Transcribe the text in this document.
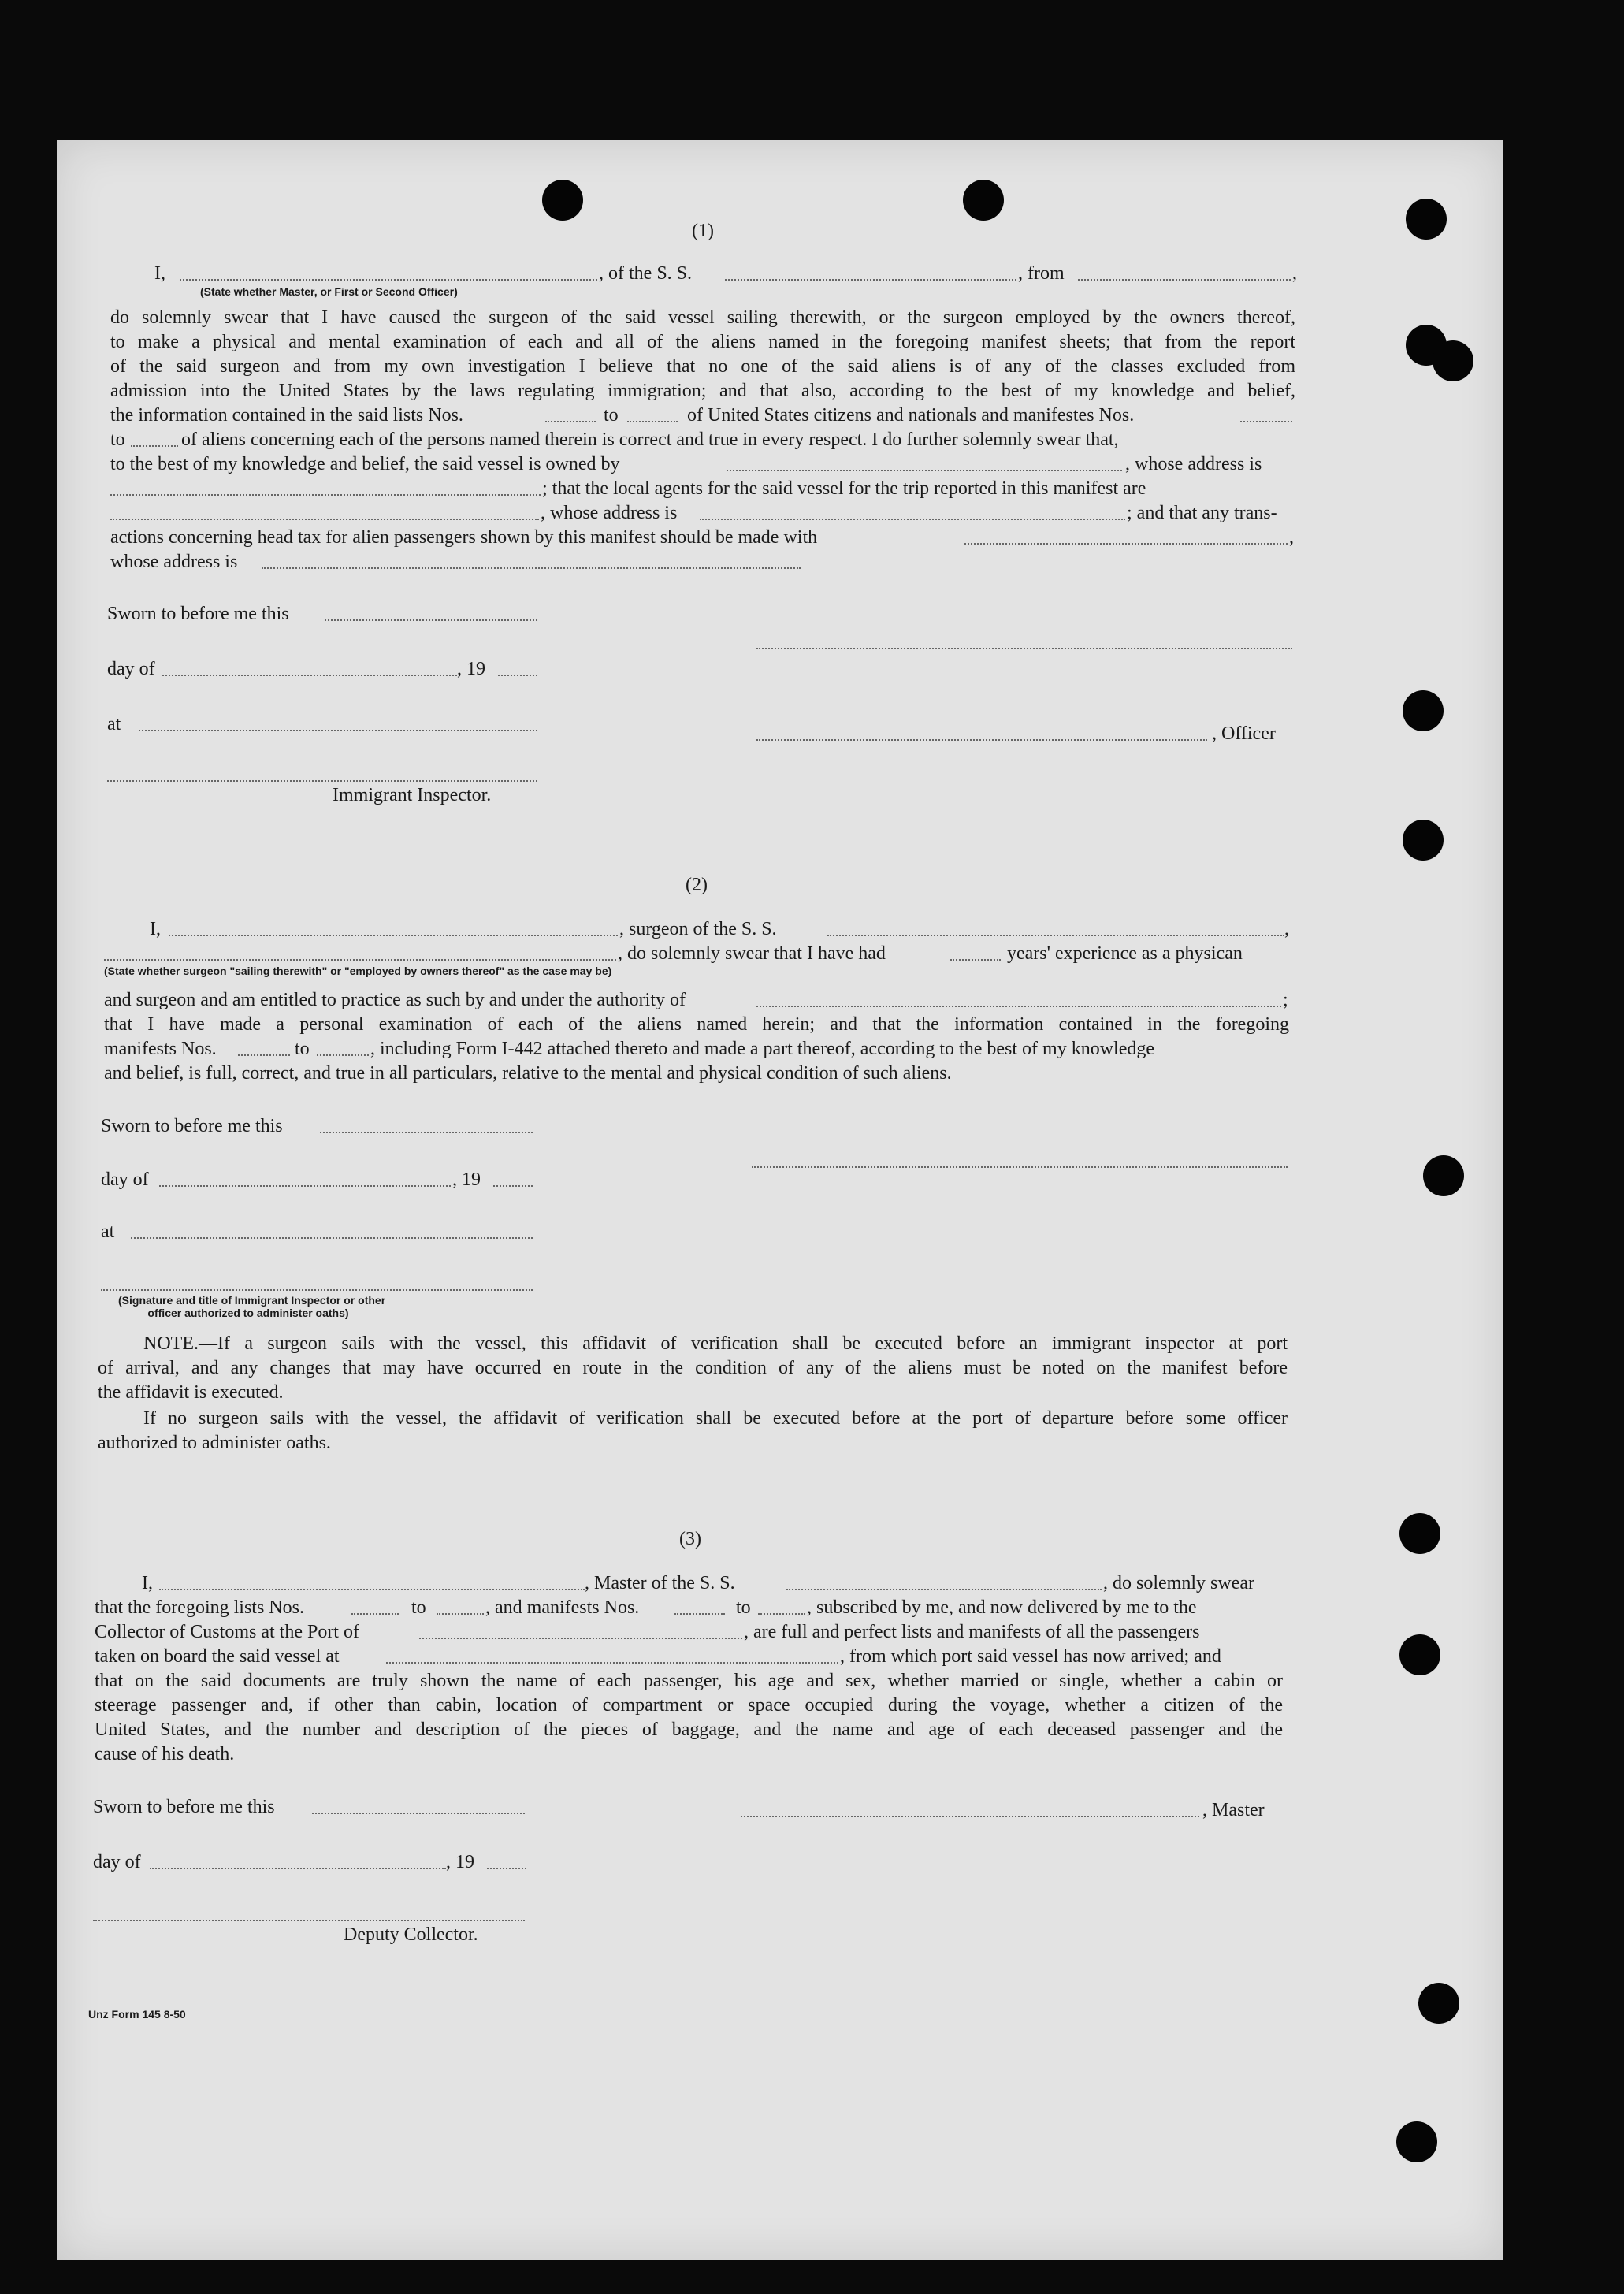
(1)
I,	, of the S. S.	, from	,
(State whether Master, or First or Second Officer)
do solemnly swear that I have caused the surgeon of the said vessel sailing therewith, or the surgeon employed by the owners thereof,
to make a physical and mental examination of each and all of the aliens named in the foregoing manifest sheets; that from the report
of the said surgeon and from my own investigation I believe that no one of the said aliens is of any of the classes excluded from
admission into the United States by the laws regulating immigration; and that also, according to the best of my knowledge and belief,
the information contained in the said lists Nos.	to	of United States citizens and nationals and manifestes Nos.
to	of aliens concerning each of the persons named therein is correct and true in every respect. I do further solemnly swear that,
to the best of my knowledge and belief, the said vessel is owned by	, whose address is
; that the local agents for the said vessel for the trip reported in this manifest are
, whose address is	; and that any trans-
actions concerning head tax for alien passengers shown by this manifest should be made with	,
whose address is
Sworn to before me this
day of	, 19
at	, Officer
Immigrant Inspector.
(2)
I,	, surgeon of the S. S.	,
, do solemnly swear that I have had	years' experience as a physican
(State whether surgeon "sailing therewith" or "employed by owners thereof" as the case may be)
and surgeon and am entitled to practice as such by and under the authority of	;
that I have made a personal examination of each of the aliens named herein; and that the information contained in the foregoing
manifests Nos.	to	, including Form I-442 attached thereto and made a part thereof, according to the best of my knowledge
and belief, is full, correct, and true in all particulars, relative to the mental and physical condition of such aliens.
Sworn to before me this
day of	, 19
at
(Signature and title of Immigrant Inspector or other
officer authorized to administer oaths)
NOTE.—If a surgeon sails with the vessel, this affidavit of verification shall be executed before an immigrant inspector at port
of arrival, and any changes that may have occurred en route in the condition of any of the aliens must be noted on the manifest before
the affidavit is executed.
If no surgeon sails with the vessel, the affidavit of verification shall be executed before at the port of departure before some officer
authorized to administer oaths.
(3)
I,	, Master of the S. S.	, do solemnly swear
that the foregoing lists Nos.	to	, and manifests Nos.	to	, subscribed by me, and now delivered by me to the
Collector of Customs at the Port of	, are full and perfect lists and manifests of all the passengers
taken on board the said vessel at	, from which port said vessel has now arrived; and
that on the said documents are truly shown the name of each passenger, his age and sex, whether married or single, whether a cabin or
steerage passenger and, if other than cabin, location of compartment or space occupied during the voyage, whether a citizen of the
United States, and the number and description of the pieces of baggage, and the name and age of each deceased passenger and the
cause of his death.
Sworn to before me this	, Master
day of	, 19
Deputy Collector.
Unz Form 145 8-50
